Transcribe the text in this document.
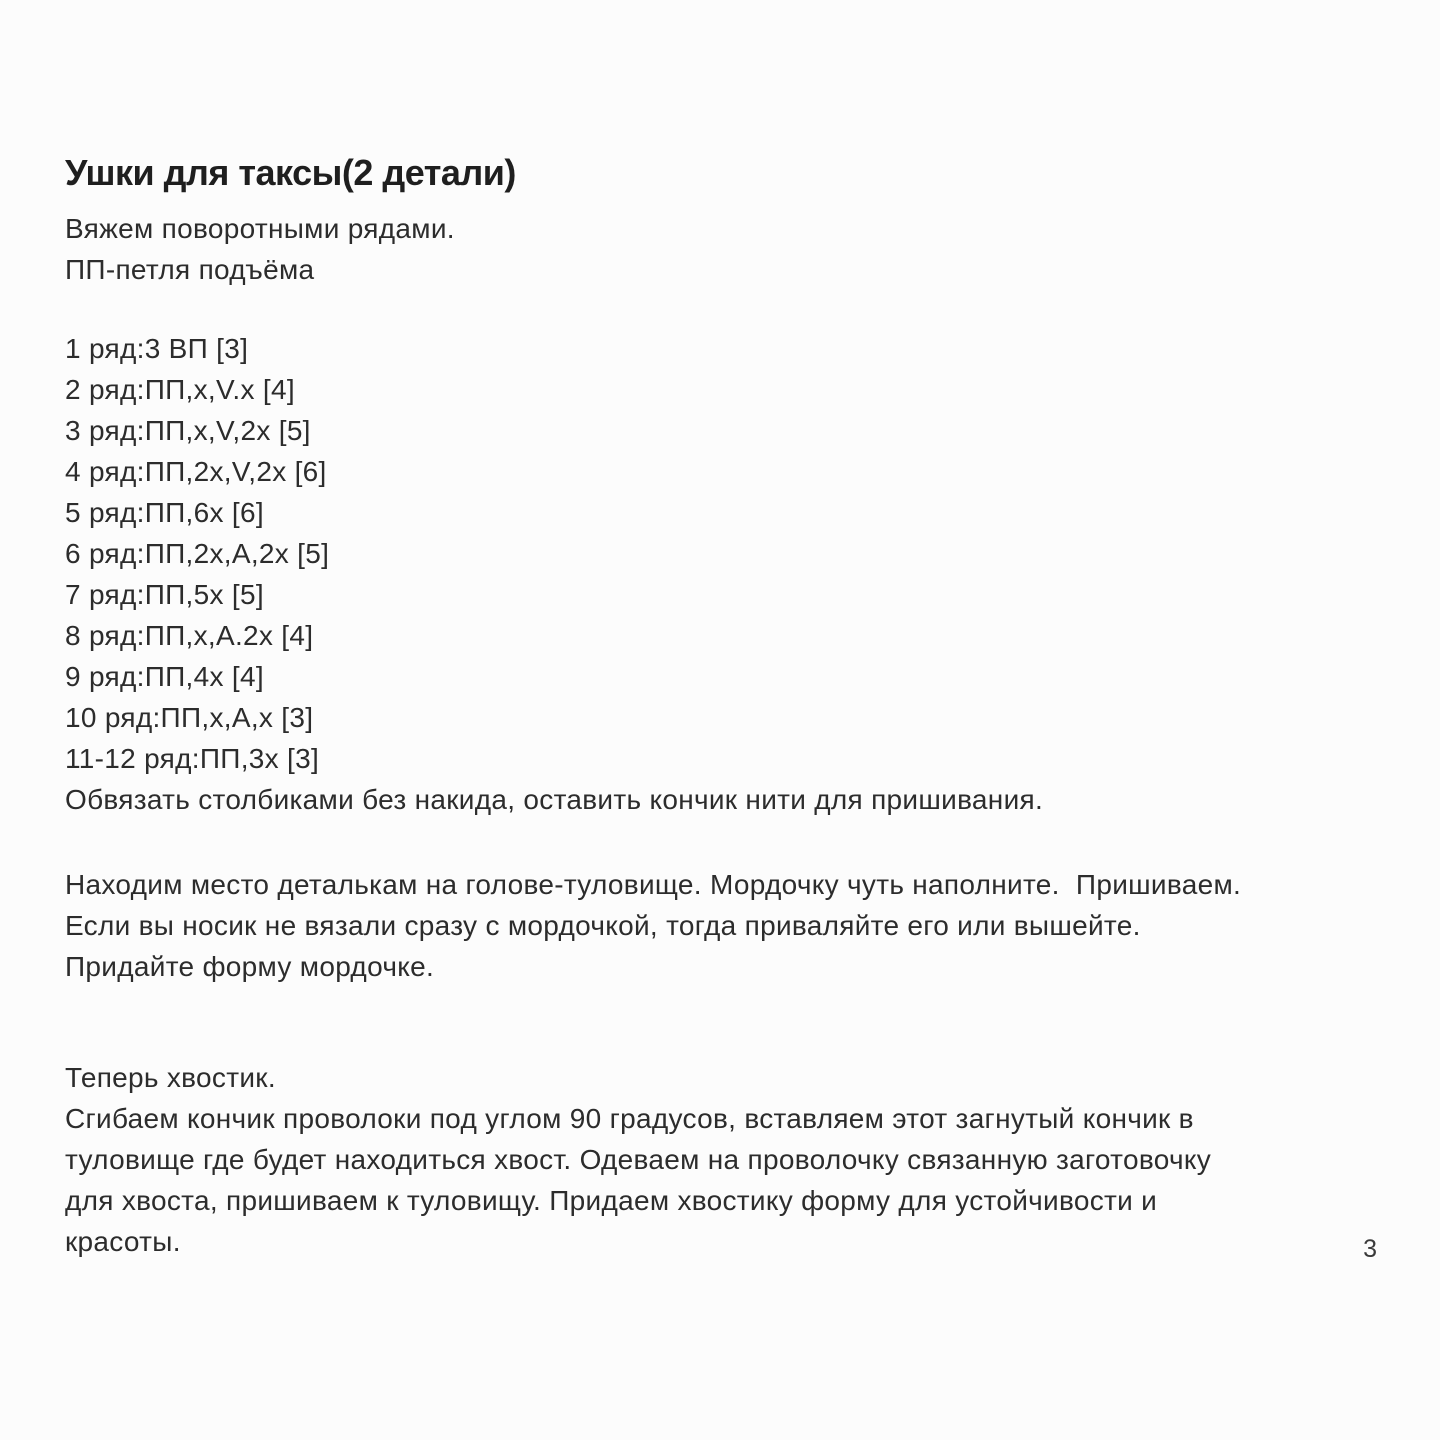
Ушки для таксы(2 детали)
Вяжем поворотными рядами.
ПП-петля подъёма
1 ряд:3 ВП [3]
2 ряд:ПП,х,V.х [4]
3 ряд:ПП,х,V,2х [5]
4 ряд:ПП,2х,V,2х [6]
5 ряд:ПП,6х [6]
6 ряд:ПП,2х,А,2х [5]
7 ряд:ПП,5х [5]
8 ряд:ПП,х,А.2х [4]
9 ряд:ПП,4х [4]
10 ряд:ПП,х,А,х [3]
11-12 ряд:ПП,3х [3]
Обвязать столбиками без накида, оставить кончик нити для пришивания.
Находим место деталькам на голове-туловище. Мордочку чуть наполните.  Пришиваем.
Если вы носик не вязали сразу с мордочкой, тогда приваляйте его или вышейте.
Придайте форму мордочке.
Теперь хвостик.
Сгибаем кончик проволоки под углом 90 градусов, вставляем этот загнутый кончик в
туловище где будет находиться хвост. Одеваем на проволочку связанную заготовочку
для хвоста, пришиваем к туловищу. Придаем хвостику форму для устойчивости и
красоты.	3
